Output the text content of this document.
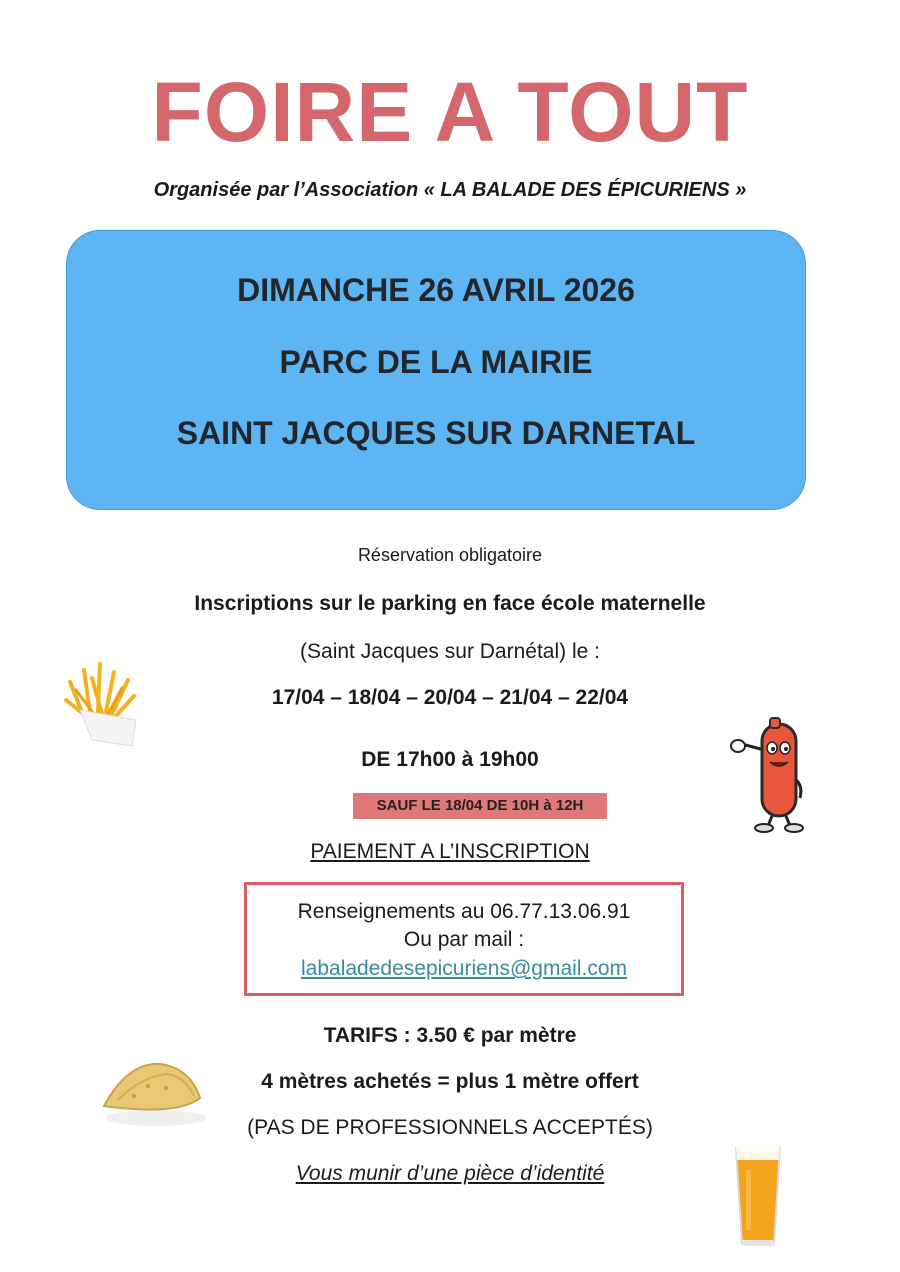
FOIRE A TOUT
Organisée par l’Association « LA BALADE DES ÉPICURIENS »
DIMANCHE 26 AVRIL 2026
PARC DE LA MAIRIE
SAINT JACQUES SUR DARNETAL
Réservation obligatoire
Inscriptions sur le parking en face école maternelle
(Saint Jacques sur Darnétal) le :
17/04 – 18/04 – 20/04 – 21/04 – 22/04
DE 17h00 à 19h00
SAUF LE 18/04 DE 10H à 12H
PAIEMENT A L’INSCRIPTION
Renseignements au 06.77.13.06.91
Ou par mail :
labaladedesepicuriens@gmail.com
TARIFS : 3.50 € par mètre
4 mètres achetés = plus 1 mètre offert
(PAS DE PROFESSIONNELS ACCEPTÉS)
Vous munir d’une pièce d’identité
